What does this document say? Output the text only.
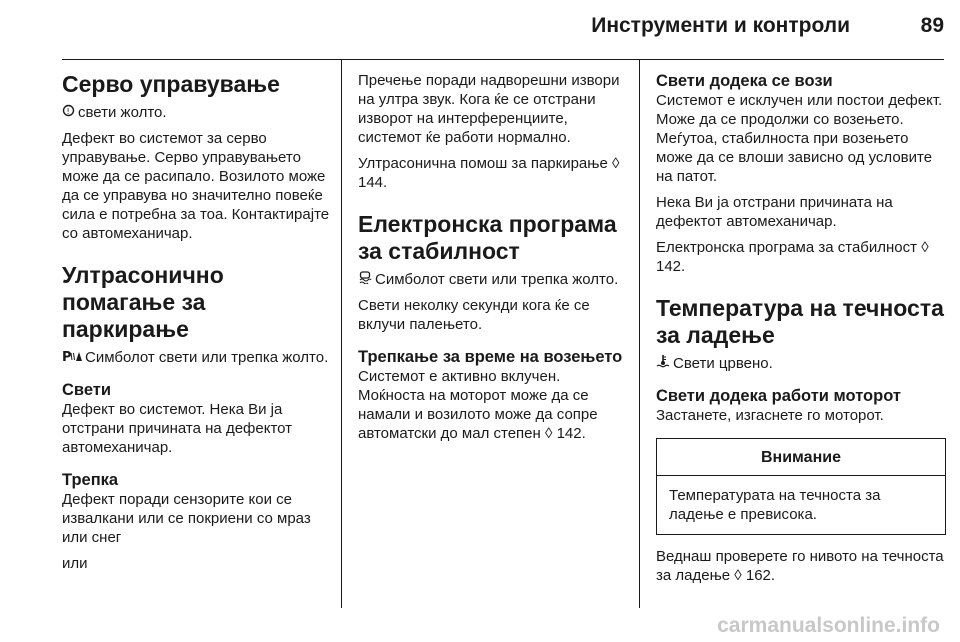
Инструменти и контроли	89
Серво управување

! свети жолто.

Дефект во системот за серво управување. Серво управувањето може да се расипало. Возилото може да се управува но значително повеќе сила е потребна за тоа. Контактирајте со автомеханичар.

Ултрасонично помагање за паркирање

P Симболот свети или трепка жолто.

Свети

Дефект во системот. Нека Ви ја отстрани причината на дефектот автомеханичар.

Трепка

Дефект поради сензорите кои се извалкани или се покриени со мраз или снег

или

Пречење поради надворешни извори на ултра звук. Кога ќе се отстрани изворот на интерференциите, системот ќе работи нормално.

Ултрасонична помош за паркирање ◊ 144.

Електронска програма за стабилност

Симболот свети или трепка жолто.

Свети неколку секунди кога ќе се вклучи палењето.

Трепкање за време на возењето

Системот е активно вклучен. Моќноста на моторот може да се намали и возилото може да сопре автоматски до мал степен ◊ 142.

Свети додека се вози

Системот е исклучен или постои дефект. Може да се продолжи со возењето. Меѓутоа, стабилноста при возењето може да се влоши зависно од условите на патот.

Нека Ви ја отстрани причината на дефектот автомеханичар.

Електронска програма за стабилност ◊ 142.

Температура на течноста за ладење

Свети црвено.

Свети додека работи моторот

Застанете, изгаснете го моторот.

Внимание
Температурата на течноста за ладење е превисока.

Веднаш проверете го нивото на течноста за ладење ◊ 162.

carmanualsonline.info
